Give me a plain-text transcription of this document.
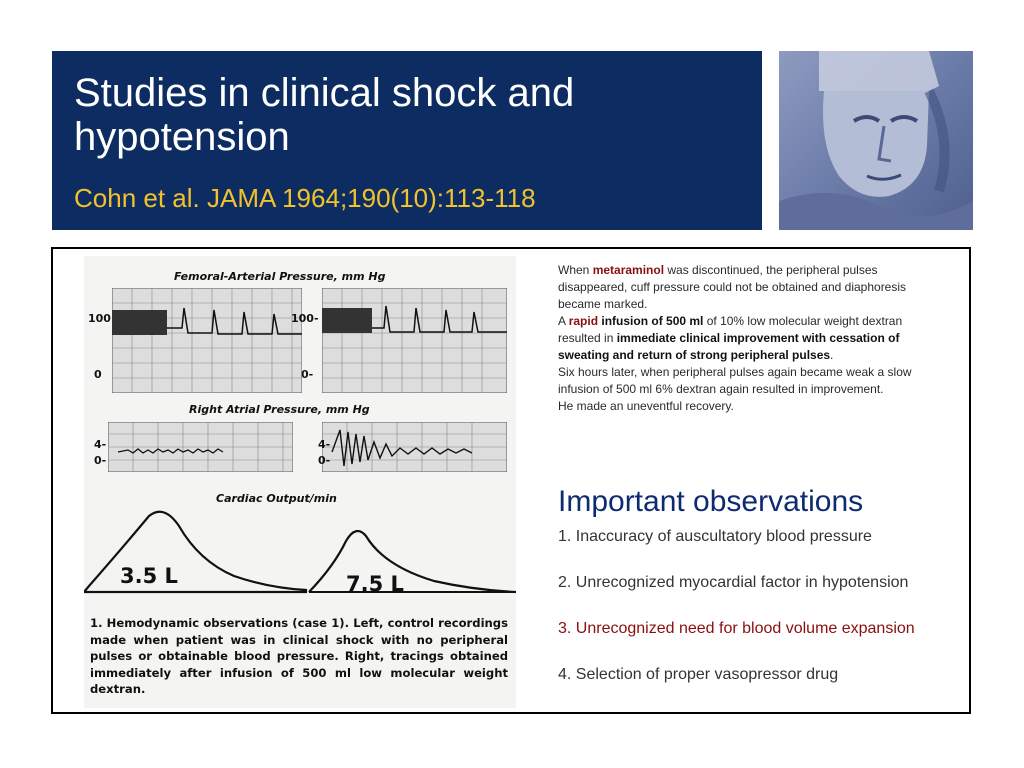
Studies in clinical shock and hypotension
Cohn et al. JAMA 1964;190(10):113-118
Femoral-Arterial Pressure, mm Hg
100
0
100-
0-
Right Atrial Pressure, mm Hg
4-
0-
4-
0-
Cardiac Output/min
3.5 L	7.5 L
1. Hemodynamic observations (case 1). Left, control recordings made when patient was in clinical shock with no peripheral pulses or obtainable blood pressure. Right, tracings obtained immediately after infusion of 500 ml low molecular weight dextran.
When metaraminol was discontinued, the peripheral pulses disappeared, cuff pressure could not be obtained and diaphoresis became marked.
A rapid infusion of 500 ml of 10% low molecular weight dextran resulted in immediate clinical improvement with cessation of sweating and return of strong peripheral pulses.
Six hours later, when peripheral pulses again became weak a slow infusion of 500 ml 6% dextran again resulted in improvement.
He made an uneventful recovery.
Important observations
1. Inaccuracy of auscultatory blood pressure
2. Unrecognized myocardial factor in hypotension
3. Unrecognized need for blood volume expansion
4. Selection of proper vasopressor drug
